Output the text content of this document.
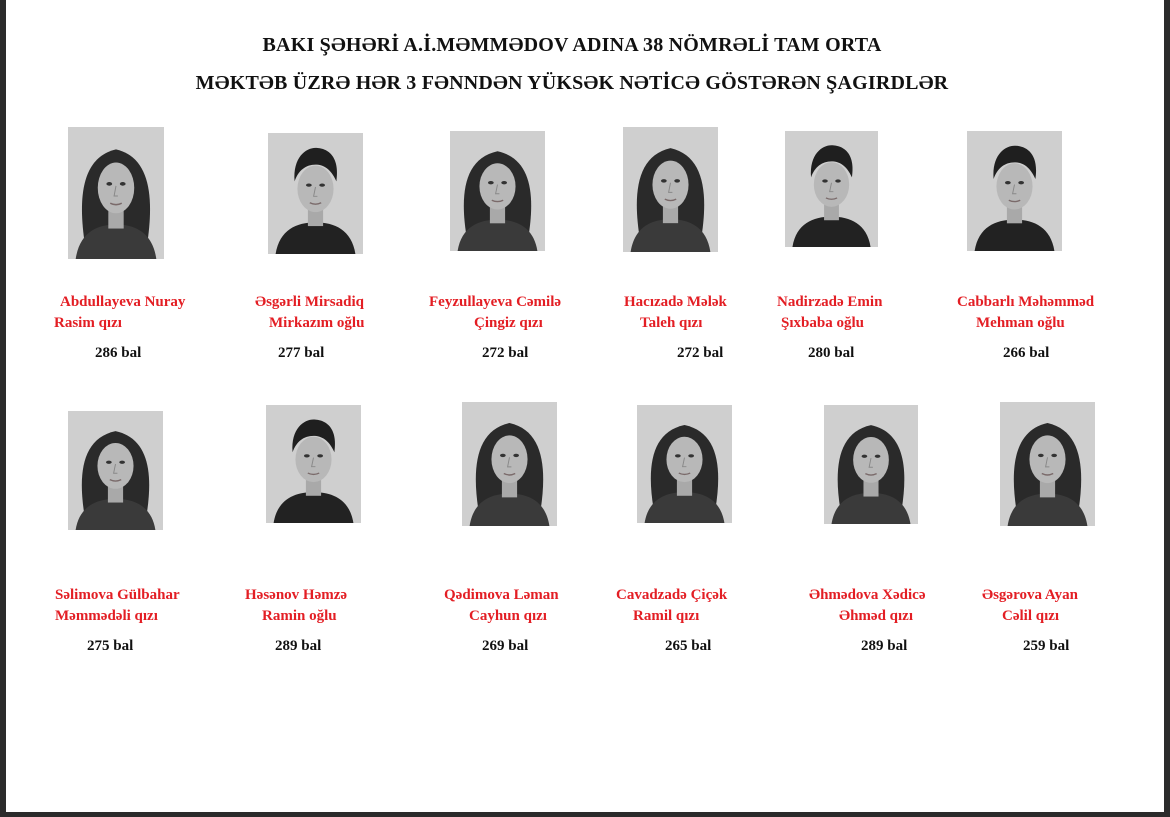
BAKI ŞƏHƏRİ A.İ.MƏMMƏDOV ADINA 38 NÖMRƏLİ TAM ORTA
MƏKTƏB ÜZRƏ HƏR 3 FƏNNDƏN YÜKSƏK NƏTİCƏ GÖSTƏRƏN ŞAGIRDLƏR
Abdullayeva Nuray
Rasim qızı
286 bal
Əsgərli Mirsadiq
Mirkazım oğlu
277 bal
Feyzullayeva Cəmilə
Çingiz qızı
272 bal
Hacızadə Mələk
Taleh qızı
272 bal
Nadirzadə Emin
Şıxbaba oğlu
280 bal
Cabbarlı Məhəmməd
Mehman oğlu
266 bal
Səlimova Gülbahar
Məmmədəli qızı
275 bal
Həsənov Həmzə
Ramin oğlu
289 bal
Qədimova Ləman
Cayhun qızı
269 bal
Cavadzadə Çiçək
Ramil qızı
265 bal
Əhmədova Xədicə
Əhməd qızı
289 bal
Əsgərova Ayan
Cəlil qızı
259 bal
